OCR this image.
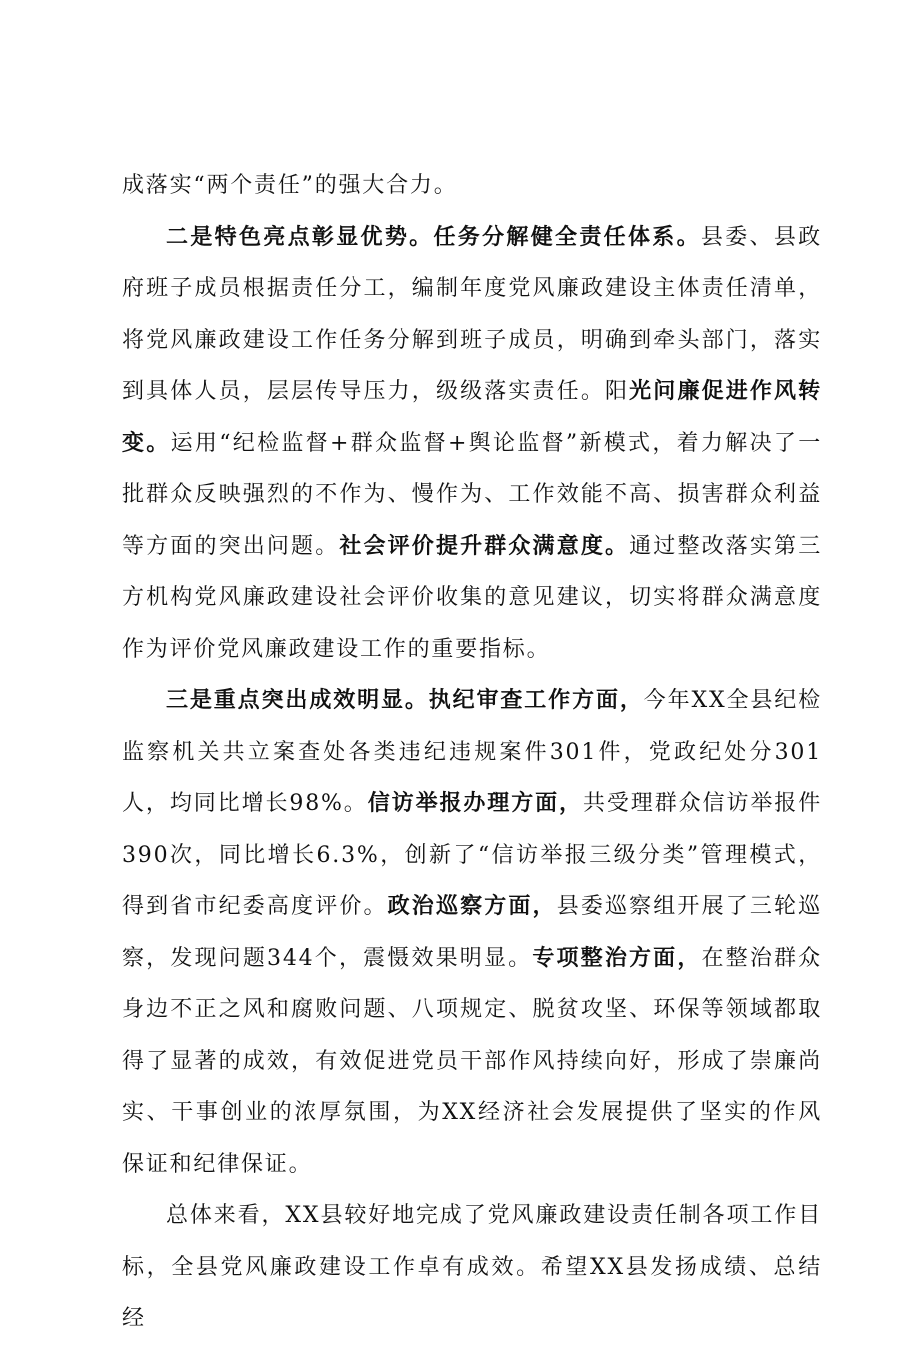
成落实“两个责任”的强大合力。

二是特色亮点彰显优势。任务分解健全责任体系。县委、县政府班子成员根据责任分工，编制年度党风廉政建设主体责任清单，将党风廉政建设工作任务分解到班子成员，明确到牵头部门，落实到具体人员，层层传导压力，级级落实责任。阳光问廉促进作风转变。运用“纪检监督+群众监督+舆论监督”新模式，着力解决了一批群众反映强烈的不作为、慢作为、工作效能不高、损害群众利益等方面的突出问题。社会评价提升群众满意度。通过整改落实第三方机构党风廉政建设社会评价收集的意见建议，切实将群众满意度作为评价党风廉政建设工作的重要指标。

三是重点突出成效明显。执纪审查工作方面，今年XX全县纪检监察机关共立案查处各类违纪违规案件301件，党政纪处分301人，均同比增长98%。信访举报办理方面，共受理群众信访举报件390次，同比增长6.3%，创新了“信访举报三级分类”管理模式，得到省市纪委高度评价。政治巡察方面，县委巡察组开展了三轮巡察，发现问题344个，震慑效果明显。专项整治方面，在整治群众身边不正之风和腐败问题、八项规定、脱贫攻坚、环保等领域都取得了显著的成效，有效促进党员干部作风持续向好，形成了崇廉尚实、干事创业的浓厚氛围，为XX经济社会发展提供了坚实的作风保证和纪律保证。

总体来看，XX县较好地完成了党风廉政建设责任制各项工作目标，全县党风廉政建设工作卓有成效。希望XX县发扬成绩、总结经
